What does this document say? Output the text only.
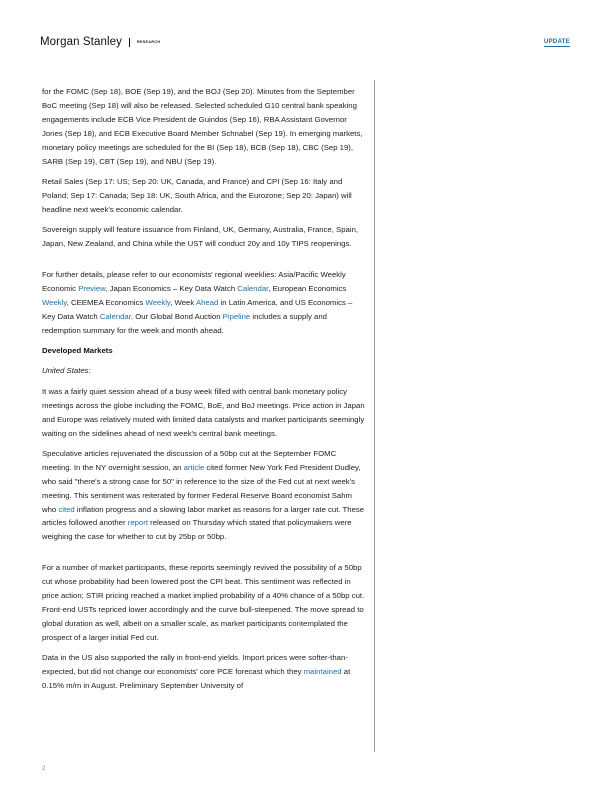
Morgan Stanley	RESEARCH	UPDATE

for the FOMC (Sep 18), BOE (Sep 19), and the BOJ (Sep 20). Minutes from the September BoC meeting (Sep 18) will also be released. Selected scheduled G10 central bank speaking engagements include ECB Vice President de Guindos (Sep 16), RBA Assistant Governor Jones (Sep 18), and ECB Executive Board Member Schnabel (Sep 19). In emerging markets, monetary policy meetings are scheduled for the BI (Sep 18), BCB (Sep 18), CBC (Sep 19), SARB (Sep 19), CBT (Sep 19), and NBU (Sep 19).

Retail Sales (Sep 17: US; Sep 20: UK, Canada, and France) and CPI (Sep 16: Italy and Poland; Sep 17: Canada; Sep 18: UK, South Africa, and the Eurozone; Sep 20: Japan) will headline next week's economic calendar.

Sovereign supply will feature issuance from Finland, UK, Germany, Australia, France, Spain, Japan, New Zealand, and China while the UST will conduct 20y and 10y TIPS reopenings.

For further details, please refer to our economists' regional weeklies: Asia/Pacific Weekly Economic Preview, Japan Economics – Key Data Watch Calendar, European Economics Weekly, CEEMEA Economics Weekly, Week Ahead in Latin America, and US Economics – Key Data Watch Calendar. Our Global Bond Auction Pipeline includes a supply and redemption summary for the week and month ahead.

Developed Markets

United States:

It was a fairly quiet session ahead of a busy week filled with central bank monetary policy meetings across the globe including the FOMC, BoE, and BoJ meetings. Price action in Japan and Europe was relatively muted with limited data catalysts and market participants seemingly waiting on the sidelines ahead of next week's central bank meetings.

Speculative articles rejuvenated the discussion of a 50bp cut at the September FOMC meeting. In the NY overnight session, an article cited former New York Fed President Dudley, who said "there's a strong case for 50" in reference to the size of the Fed cut at next week's meeting. This sentiment was reiterated by former Federal Reserve Board economist Sahm who cited inflation progress and a slowing labor market as reasons for a larger rate cut. These articles followed another report released on Thursday which stated that policymakers were weighing the case for whether to cut by 25bp or 50bp.

For a number of market participants, these reports seemingly revived the possibility of a 50bp cut whose probability had been lowered post the CPI beat. This sentiment was reflected in price action; STIR pricing reached a market implied probability of a 40% chance of a 50bp cut. Front-end USTs repriced lower accordingly and the curve bull-steepened. The move spread to global duration as well, albeit on a smaller scale, as market participants contemplated the prospect of a larger initial Fed cut.

Data in the US also supported the rally in front-end yields. Import prices were softer-than-expected, but did not change our economists' core PCE forecast which they maintained at 0.15% m/m in August. Preliminary September University of

2
